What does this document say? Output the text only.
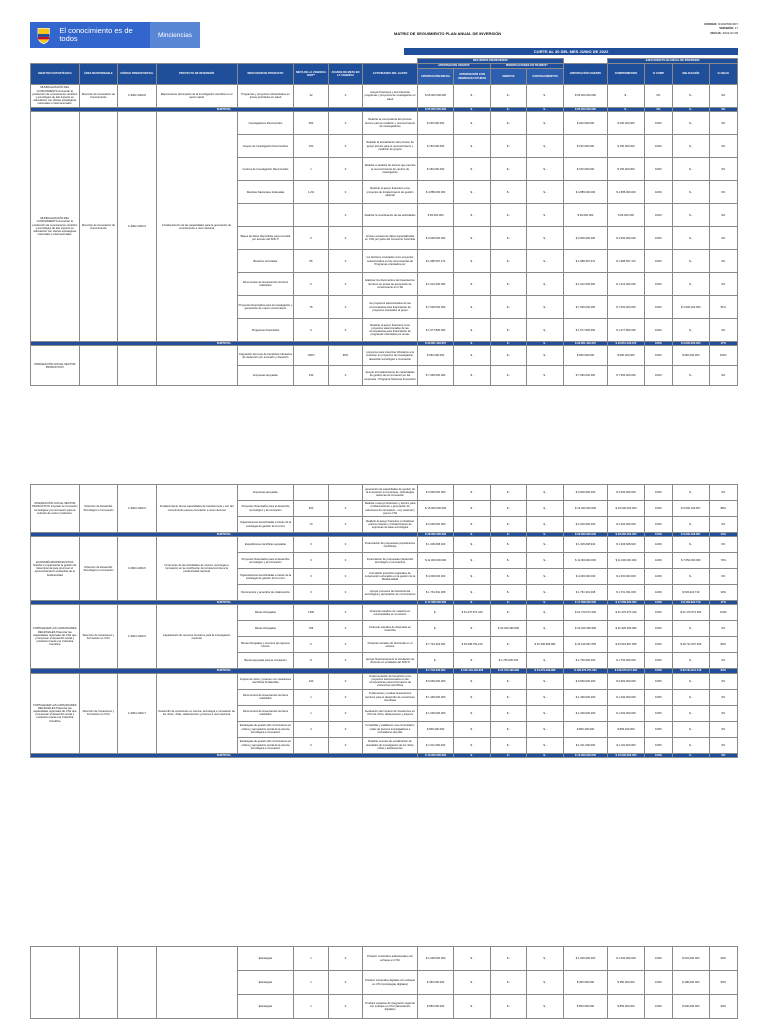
El conocimiento es de todos	Minciencias	MATRIZ DE SEGUIMIENTO PLAN ANUAL DE INVERSIÓN
CÓDIGO: D101PR01F07
VERSIÓN: 17
FECHA: 2022-07-08
CORTE AL 30 DEL MES JUNIO DE 2022
								RECURSOS FINANCIEROS					EJECUCION PLAN ANUAL DE INVERSIÓN			
OBJETIVO ESTRATÉGICO	ÁREA RESPONSABLE	CÓDIGO PRESUPUESTAL	PROYECTO DE INVERSIÓN	INDICADOR DE PRODUCTO	META DE LA VIGENCIA 2022**	AVANCE DE META EN LA VIGENCIA	ACTIVIDADES DEL GASTO	APROPIACIÓN VIGENTE		MODIFICACIONES EN TRÁMITE*		APROPIACIÓN VIGENTE	COMPROMETIDO	% COMP	OBLIGACIÓN	% OBLIG
								APROPIACIÓN INICIAL	APROPIACIÓN CON VIGENCIAS FUTURAS	DÉBITOS	CONTRACRÉDITOS					

MUNDIALIZACIÓN DEL CONOCIMIENTO Aumentar la producción de conocimiento científico y tecnológico de alto impacto en articulación con ofertas estratégicas nacionales e internacionales.	Dirección de Generación de Conocimiento	C-3902-1000-8	Mejoramiento del impacto de la investigación científica en el sector salud	Programas y proyectos cofinanciados en temas prioritarios en salud	32	0	Apoyar financiera y técnicamente programas y proyectos de investigación en salud	$ 65.000.000.000	$ -	$ -	$ -	$ 65.000.000.000	$ -	0%	$ -	0%
SUBTOTAL								$ 65.000.000.000	$ -	$ -	$ -	$ 65.000.000.000	$ -	0%	$ -	0%
MUNDIALIZACIÓN DEL CONOCIMIENTO Aumentar la producción de conocimiento científico y tecnológico de alto impacto en articulación con ofertas estratégicas nacionales e internacionales.	Dirección de Generación de Conocimiento	C-3902-1000-9	Fortalecimiento de las capacidades para la generación de conocimiento a nivel nacional	Investigadores Reconocidos	260	0	Realizar la convocatoria del proceso técnico para la medición y reconocimiento de investigadores	$ 200.000.000	$ -	$ -	$ -	$ 200.000.000	$ 200.000.000	100%	$ -	0%
				Grupos de Investigación Reconocidos	150	0	Realizar la actualización del proceso de apoyo técnico para el reconocimiento y medición de grupos	$ 150.000.000	$ -	$ -	$ -	$ 150.000.000	$ 150.000.000	100%	$ -	0%
				Centros de Investigación Reconocidos	1	0	Realizar el análisis de actores que permita el reconocimiento de centros de investigación	$ 150.000.000	$ -	$ -	$ -	$ 150.000.000	$ 150.000.000	100%	$ -	0%
				Revistas Nacionales Indexadas	1,2%	0	Realizar el apoyo financiero a los proyectos de fortalecimiento de gestión editorial	$ 4.886.000.000	$ -	$ -	$ -	$ 4.886.000.000	$ 4.886.000.000	100%	$ -	0%
						0	Realizar la coordinación de las actividades	$ 84.000.000	$ -	$ -	$ -	$ 84.000.000	$ 84.000.000	100%	$ -	0%
				Bases de datos disponibles para consulta por actores del SNCTI	6	0	Acceso a bases de datos especializadas en CTeI por parte del Consorcio Colombia	$ 3.600.000.000	$ -	$ -	$ -	$ 3.600.000.000	$ 3.600.000.000	100%	$ -	0%
				Becarios vinculados	86	0	los doctores vinculados a los proyectos seleccionados en las convocatorias de Programas orientados por	$ 1.986.597.472	$ -	$ -	$ -	$ 1.986.597.472	$ 1.986.597.472	100%	$ -	0%
				Documentos de lineamientos técnicos realizados	0	0	Elaborar los documentos de lineamientos técnicos en temas de generación de conocimiento en CTeI	$ 1.012.000.000	$ -	$ -	$ -	$ 1.012.000.000	$ 1.012.000.000	100%	$ -	0%
				Proyectos financiados para la investigación y generación de nuevo conocimiento	76	0	los proyectos seleccionados de las convocatorias para financiación de proyectos orientados al grupo	$ 7.000.000.000	$ -	$ -	$ -	$ 7.000.000.000	$ 7.000.000.000	100%	$ 3.600.000.000	51%
				Programas financiados	6	0	Realizar el apoyo financiero a los proyectos seleccionados de las convocatorias para financiación de programas orientados por temas	$ 1.677.800.000	$ -	$ -	$ -	$ 1.677.800.000	$ 1.677.800.000	100%	$ -	0%
SUBTOTAL								$ 20.851.403.372	$ -	$ -	$ -	$ 20.851.403.372	$ 20.851.403.372	100%	$ 3.600.000.000	17%
INTEGRACIÓN CON EL SECTOR PRODUCTIVO				Asignación del cupo de beneficios tributarios de deducción por inversión y donación	100%	90%	proyectos para incentivar tributarios a la inversión en proyectos de investigación, desarrollo tecnológico e innovación	$ 660.000.000	$ -	$ -	$ -	$ 660.000.000	$ 660.000.000	100%	$ 660.000.000	100%
				Empresas apoyadas	130	0	Apoyar el fortalecimiento de capacidades de gestión de la innovación en las empresas - Programa Sistemas Innovación	$ 7.660.000.000	$ -	$ -	$ -	$ 7.660.000.000	$ 7.660.000.000	100%	$ -	0%
INTEGRACIÓN CON EL SECTOR PRODUCTIVO Impulsar la innovación tecnológica y la innovación para la solución de sector productivo.	Dirección de Desarrollo Tecnológico e Innovación	C-3903-1000-6	Fortalecimiento de las capacidades de transferencia y uso del conocimiento para la innovación a nivel nacional	Empresas apoyadas			generación de capacidades de gestión de la innovación en empresas - Estrategias sistemas de innovación	$ 3.600.000.000	$ -	$ -	$ -	$ 3.600.000.000	$ 3.600.000.000	100%	$ -	0%
				Proyectos financiados para el desarrollo tecnológico y la innovación	520	0	Realizar el apoyo financiero y técnico para el afianzamiento y generación de soluciones de innovación - Ley nacional y pymes CTeI	$ 15.000.000.000	$ -	$ -	$ -	$ 15.000.000.000	$ 15.000.000.000	100%	$ 6.630.106.667	88%
				Organizaciones beneficiadas a través de la estrategia de gestión de la I+D+I	70	0	Realizar el apoyo financiero a iniciativas para la creación y fortalecimiento de empresas de base tecnológica	$ 2.200.000.000	$ -	$ -	$ -	$ 2.200.000.000	$ 2.200.000.000	100%	$ -	0%
SUBTOTAL								$ 29.060.000.000	$ -	$ -	$ -	$ 29.060.000.000	$ 29.060.000.000	100%	$ 6.630.106.667	40%
ECONOMÍA BIOPRODUCTIVA Diseñar e implementar la gestión de bioeconomía para promover el aprovechamiento sostenible de la biodiversidad	Dirección de Desarrollo Tecnológico e Innovación	C-3903-1000-5	Incremento de las actividades de ciencia, tecnología e innovación en la contribución de la bioeconomía a la productividad nacional	Expediciones científicas apoyadas	0	0	Financiación de propuestas (expediciones científicas)	$ 1.306.608.943	$ -	$ -	$ -	$ 1.306.608.943	$ 1.306.608.943	100%	$ -	0%
				Proyectos financiados para el desarrollo tecnológico y la innovación	0	0	Financiación de propuestas (desarrollo tecnológico e innovación)	$ 11.000.000.000	$ -	$ -	$ -	$ 11.000.000.000	$ 11.000.000.000	100%	$ 7.650.000.000	70%
				Organizaciones beneficiadas a través de la estrategia de gestión de la I+D+I	0	0	Formalizar acuerdos regionales de cooperación enfocados en la gestión de la Biodiversidad	$ 4.000.000.000	$ -	$ -	$ -	$ 4.000.000.000	$ 4.000.000.000	100%	$ -	0%
				Documentos y acuerdos de colaboración	0	0	Apoyar procesos de transferencia tecnológica y apropiación de conocimiento	$ 1.761.391.008	$ -	$ -	$ -	$ 1.761.391.008	$ 1.761.391.008	100%	$ 533.622.719	30%
SUBTOTAL								$ 17.068.000.000	$ -	$ -	$ -	$ 17.068.000.000	$ 17.068.000.000	100%	$ 8.183.622.719	47%
FORTALECER LAS CAPACIDADES REGIONALES Potenciar las capacidades regionales de CTeI que promuevan el desarrollo social y productivo hacia una Colombia Científica	Dirección de Vocaciones y Formación en CTeI	C-3904-1000-5	Capacitación de recursos humanos para la investigación nacional	Becas Otorgadas	1300	0	Financiar estudios de maestría en universidades en el exterior	$ -	$ 61.470.673.440	$ -	$ -	$ 61.470.673.440	$ 61.470.673.440	100%	$ 61.470.673.363	100%
				Becas Otorgadas	796	0	Financiar estudios de doctorado en Colombia	$ -	$ -	$ 32.329.499.996	$ -	$ 32.329.499.996	$ 32.329.499.996	100%	$ -	0%
				Becas Otorgadas y recursos de ingresos futuros	0	0	Financiar estudios de doctorado en el exterior	$ 7.743.423.364	$ 64.648.750.216	$ -	$ 30.395.999.996	$ 33.519.897.655	$ 33.519.897.655	100%	$ 29.721.097.356	89%
				Becas apoyadas para la circulación	8	0	Apoyar financieramente la circulación de doctores en entidades del SNCTI	$ -	$ -	$ 1.750.000.000	$ -	$ 1.750.000.000	$ 1.750.000.000	100%	$ -	0%
SUBTOTAL								$ 7.743.423.364	$ 126.119.423.656	$ 34.079.499.996	$ 34.079.499.996	$ 129.070.071.091	$ 129.070.071.091	100%	$ 92.191.841.719	84%
FORTALECER LAS CAPACIDADES REGIONALES Potenciar las capacidades regionales de CTeI que promuevan el desarrollo social y productivo hacia una Colombia Científica	Dirección de Vocaciones y Formación en CTeI	C-3904-1000-7	Desarrollo de vocaciones en ciencia, tecnología e innovación de los niños, niñas, adolescentes y jóvenes a nivel nacional	Grupos de niños y jóvenes con vocaciones científicas fortalecidas	120	0	Implementación de beneficios a los proyectos seleccionados en las convocatorias para la formación de vocaciones científicas	$ 9.660.000.000	$ -	$ -	$ -	$ 9.660.000.000	$ 9.660.000.000	100%	$ -	0%
				Documentos de lineamientos técnicos realizados	1	0	Implementar y evaluar lineamientos técnicos para el desarrollo de vocaciones científicas	$ 1.490.000.000	$ -	$ -	$ -	$ 1.490.000.000	$ 1.490.000.000	100%	$ -	0%
				Documentos de lineamientos técnicos realizados	1	0	Evaluación del impacto de Vocaciones en CTeI de niños, adolescentes y jóvenes	$ 1.000.000.000	$ -	$ -	$ -	$ 1.000.000.000	$ 1.000.000.000	100%	$ -	0%
				Estrategias de gestión del conocimiento en cultura y apropiación social de la ciencia tecnológica e innovación	3	0	Consolidar y establecer una comunidad y redes de jóvenes investigadores e innovadores del país	$ 809.400.000	$ -	$ -	$ -	$ 809.400.000	$ 809.400.000	100%	$ -	0%
				Estrategias de gestión del conocimiento en cultura y apropiación social de la ciencia tecnológica e innovación	0	0	Realizar eventos de socialización de resultados de investigación de los niños, niñas y adolescentes	$ 1.011.600.000	$ -	$ -	$ -	$ 1.011.600.000	$ 1.011.600.000	100%	$ -	0%
SUBTOTAL								$ 13.000.000.000	$ -	$ -	$ -	$ 13.000.000.000	$ 13.000.000.000	100%	$ -	0%
				Estrategias	1	0	Producir contenidos audiovisuales con enfoque en CTeI	$ 1.000.000.000	$ -	$ -	$ -	$ 1.000.000.000	$ 1.000.000.000	100%	$ 601.000.000	60%
				Estrategias	1	0	Producir contenidos digitales con enfoque en CTeI (estrategias digitales)	$ 350.000.000	$ -	$ -	$ -	$ 350.000.000	$ 350.000.000	100%	$ 186.000.000	53%
				Estrategias	1	0	Producir espacios de integración regional con enfoque en CTeI (laboratorios digitales)	$ 850.000.000	$ -	$ -	$ -	$ 850.000.000	$ 850.000.000	100%	$ 540.000.000	63%
